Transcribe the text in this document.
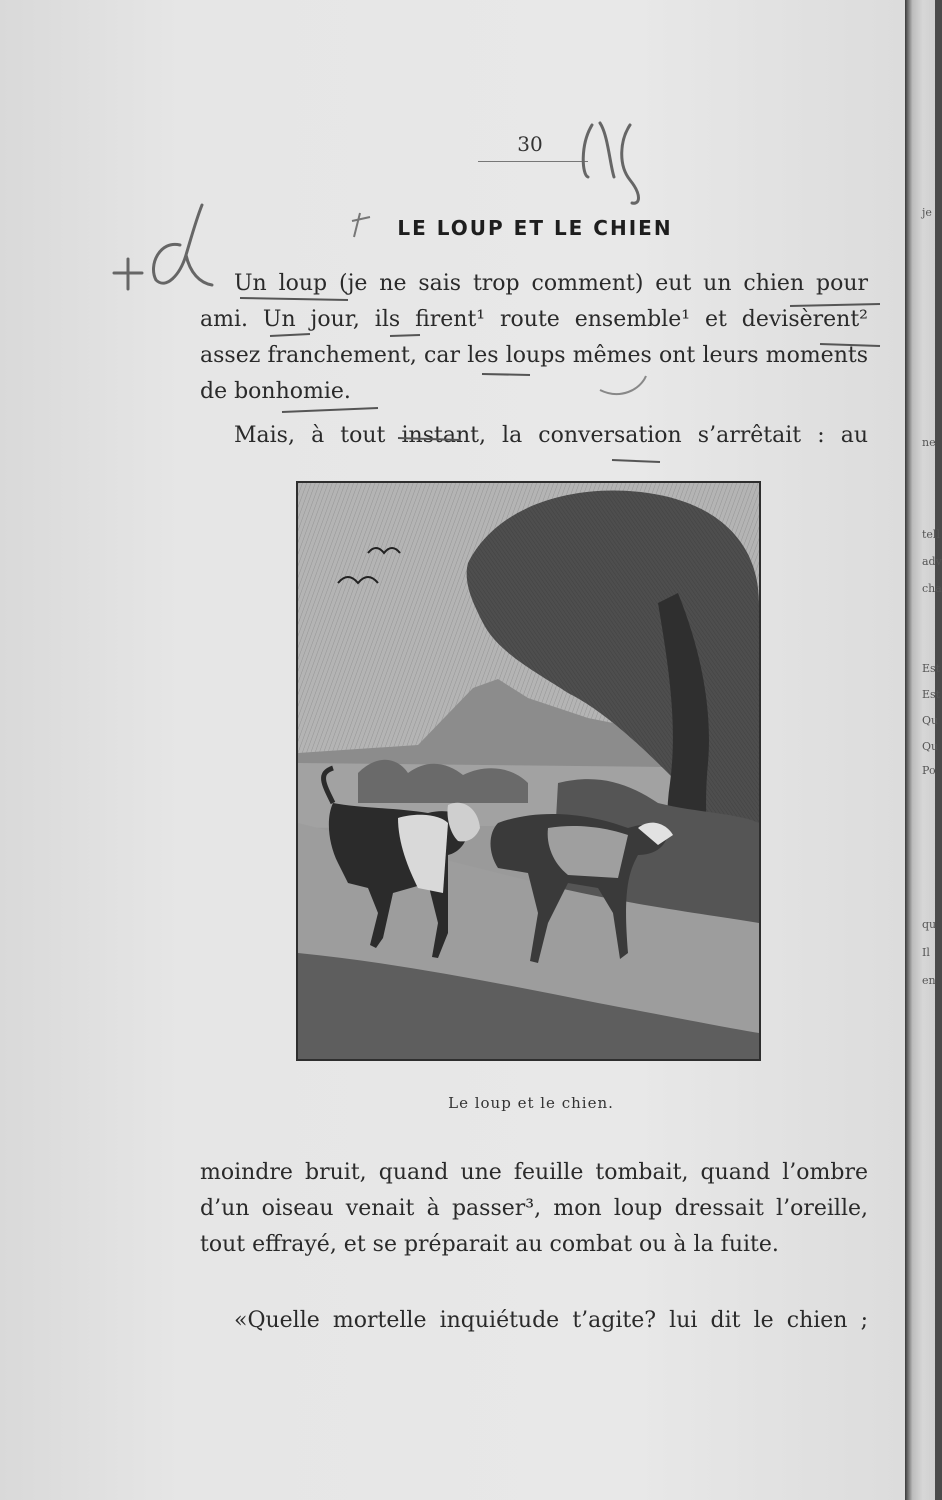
30
LE LOUP ET LE CHIEN

Un loup (je ne sais trop comment) eut un chien pour ami. Un jour, ils firent¹ route ensemble¹ et devisèrent² assez franchement, car les loups mêmes ont leurs moments de bonhomie.

Mais, à tout instant, la conversation s’arrêtait : au

Le loup et le chien.

moindre bruit, quand une feuille tombait, quand l’ombre d’un oiseau venait à passer³, mon loup dressait l’oreille, tout effrayé, et se préparait au combat ou à la fuite.

«Quelle mortelle inquiétude t’agite? lui dit le chien ;

je
ne
tell
adv
cha
Est
Est
Qu
Qu
Po
qu
Il
en
